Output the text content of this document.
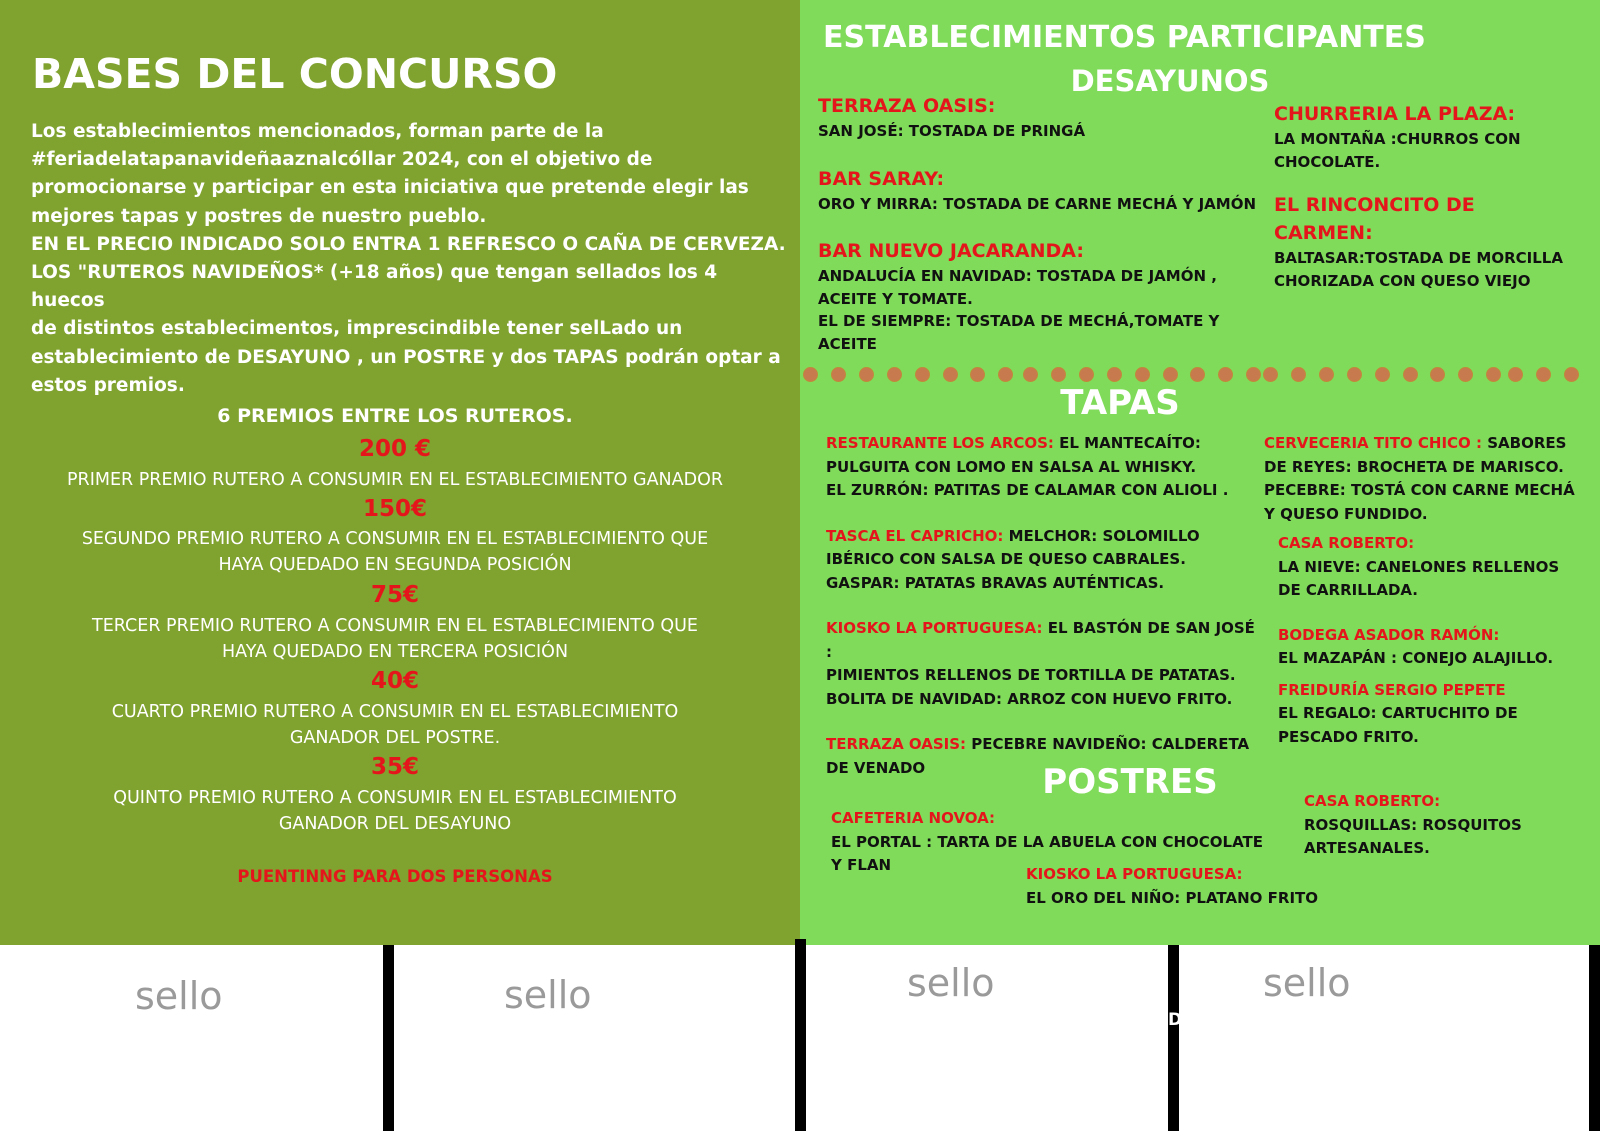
BASES DEL CONCURSO
Los establecimientos mencionados, forman parte de la
#feriadelatapanavideñaaznalcóllar 2024, con el objetivo de
promocionarse y participar en esta iniciativa que pretende elegir las
mejores tapas y postres de nuestro pueblo.
EN EL PRECIO INDICADO SOLO ENTRA 1 REFRESCO O CAÑA DE CERVEZA.
LOS "RUTEROS NAVIDEÑOS* (+18 años) que tengan sellados los 4 huecos
de distintos establecimentos, imprescindible tener selLado un
establecimiento de DESAYUNO , un POSTRE y dos TAPAS podrán optar a
estos premios.
6 PREMIOS ENTRE LOS RUTEROS.
200 €
PRIMER PREMIO RUTERO A CONSUMIR EN EL ESTABLECIMIENTO GANADOR
150€
SEGUNDO PREMIO RUTERO A CONSUMIR EN EL ESTABLECIMIENTO QUE
HAYA QUEDADO EN SEGUNDA POSICIÓN
75€
TERCER PREMIO RUTERO A CONSUMIR EN EL ESTABLECIMIENTO QUE
HAYA QUEDADO EN TERCERA POSICIÓN
40€
CUARTO PREMIO RUTERO A CONSUMIR EN EL ESTABLECIMIENTO
GANADOR DEL POSTRE.
35€
QUINTO PREMIO RUTERO A CONSUMIR EN EL ESTABLECIMIENTO
GANADOR DEL DESAYUNO
PUENTINNG PARA DOS PERSONAS
ESTABLECIMIENTOS PARTICIPANTES
DESAYUNOS
TERRAZA OASIS:
SAN JOSÉ: TOSTADA DE PRINGÁ
BAR SARAY:
ORO Y MIRRA: TOSTADA DE CARNE MECHÁ Y JAMÓN
BAR NUEVO JACARANDA:
ANDALUCÍA EN NAVIDAD: TOSTADA DE JAMÓN ,
ACEITE Y TOMATE.
EL DE SIEMPRE: TOSTADA DE MECHÁ,TOMATE Y
ACEITE
CHURRERIA LA PLAZA:
LA MONTAÑA :CHURROS CON
CHOCOLATE.
EL RINCONCITO DE
CARMEN:
BALTASAR:TOSTADA DE MORCILLA
CHORIZADA CON QUESO VIEJO
TAPAS
RESTAURANTE LOS ARCOS: EL MANTECAÍTO:
PULGUITA CON LOMO EN SALSA AL WHISKY.
EL ZURRÓN: PATITAS DE CALAMAR CON ALIOLI .
TASCA EL CAPRICHO: MELCHOR: SOLOMILLO
IBÉRICO CON SALSA DE QUESO CABRALES.
GASPAR: PATATAS BRAVAS AUTÉNTICAS.
KIOSKO LA PORTUGUESA: EL BASTÓN DE SAN JOSÉ :
PIMIENTOS RELLENOS DE TORTILLA DE PATATAS.
BOLITA DE NAVIDAD: ARROZ CON HUEVO FRITO.
TERRAZA OASIS: PECEBRE NAVIDEÑO: CALDERETA
DE VENADO
CERVECERIA TITO CHICO : SABORES
DE REYES: BROCHETA DE MARISCO.
PECEBRE: TOSTÁ CON CARNE MECHÁ
Y QUESO FUNDIDO.
CASA ROBERTO:
LA NIEVE: CANELONES RELLENOS
DE CARRILLADA.
BODEGA ASADOR RAMÓN:
EL MAZAPÁN : CONEJO ALAJILLO.
FREIDURÍA SERGIO PEPETE
EL REGALO: CARTUCHITO DE
PESCADO FRITO.
POSTRES
CAFETERIA NOVOA:
EL PORTAL : TARTA DE LA ABUELA CON CHOCOLATE
Y FLAN	KIOSKO LA PORTUGUESA:
EL ORO DEL NIÑO: PLATANO FRITO
CASA ROBERTO:
ROSQUILLAS: ROSQUITOS
ARTESANALES.
sello	sello	sello	sello
D
